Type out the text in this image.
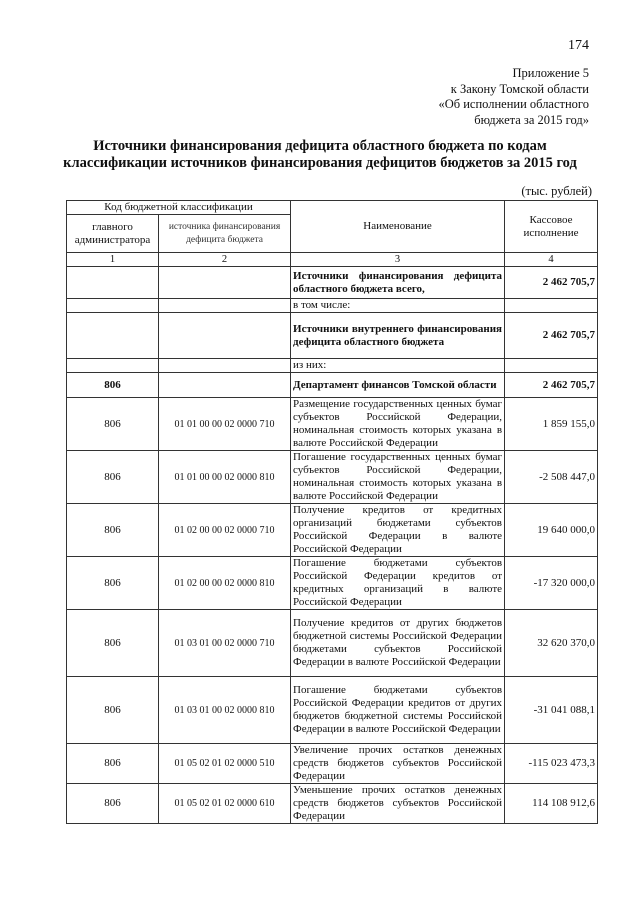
174
Приложение 5
к Закону Томской области
«Об исполнении областного
бюджета за 2015 год»
Источники финансирования дефицита областного бюджета по кодам
классификации источников финансирования дефицитов бюджетов за 2015 год
(тыс. рублей)
Код бюджетной классификации		Наименование	Кассовое исполнение
главного администратора	источника финансирования дефицита бюджета		
1	2	3	4
		Источники финансирования дефицита областного бюджета всего,	2 462 705,7
		в том числе:	
		Источники внутреннего финансирования дефицита областного бюджета	2 462 705,7
		из них:	
806		Департамент финансов Томской области	2 462 705,7
806	01 01 00 00 02 0000 710	Размещение государственных ценных бумаг субъектов Российской Федерации, номинальная стоимость которых указана в валюте Российской Федерации	1 859 155,0
806	01 01 00 00 02 0000 810	Погашение государственных ценных бумаг субъектов Российской Федерации, номинальная стоимость которых указана в валюте Российской Федерации	-2 508 447,0
806	01 02 00 00 02 0000 710	Получение кредитов от кредитных организаций бюджетами субъектов Российской Федерации в валюте Российской Федерации	19 640 000,0
806	01 02 00 00 02 0000 810	Погашение бюджетами субъектов Российской Федерации кредитов от кредитных организаций в валюте Российской Федерации	-17 320 000,0
806	01 03 01 00 02 0000 710	Получение кредитов от других бюджетов бюджетной системы Российской Федерации бюджетами субъектов Российской Федерации в валюте Российской Федерации	32 620 370,0
806	01 03 01 00 02 0000 810	Погашение бюджетами субъектов Российской Федерации кредитов от других бюджетов бюджетной системы Российской Федерации в валюте Российской Федерации	-31 041 088,1
806	01 05 02 01 02 0000 510	Увеличение прочих остатков денежных средств бюджетов субъектов Российской Федерации	-115 023 473,3
806	01 05 02 01 02 0000 610	Уменьшение прочих остатков денежных средств бюджетов субъектов Российской Федерации	114 108 912,6
